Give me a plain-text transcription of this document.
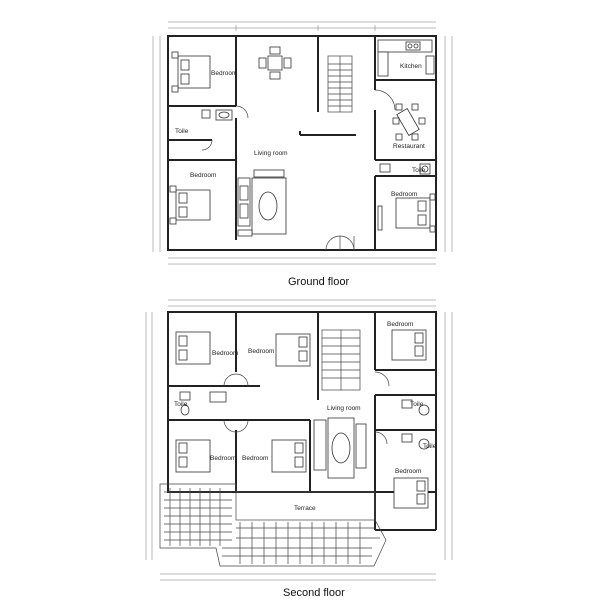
Bedroom
Toile
Living room
Bedroom
Kitchen
Restaurant
Toile
Bedroom
Ground floor
Bedroom Bedroom
Bedroom
Toile
Living room
Toile
Bedroom Bedroom
Toile
Bedroom
Terrace
Second floor
